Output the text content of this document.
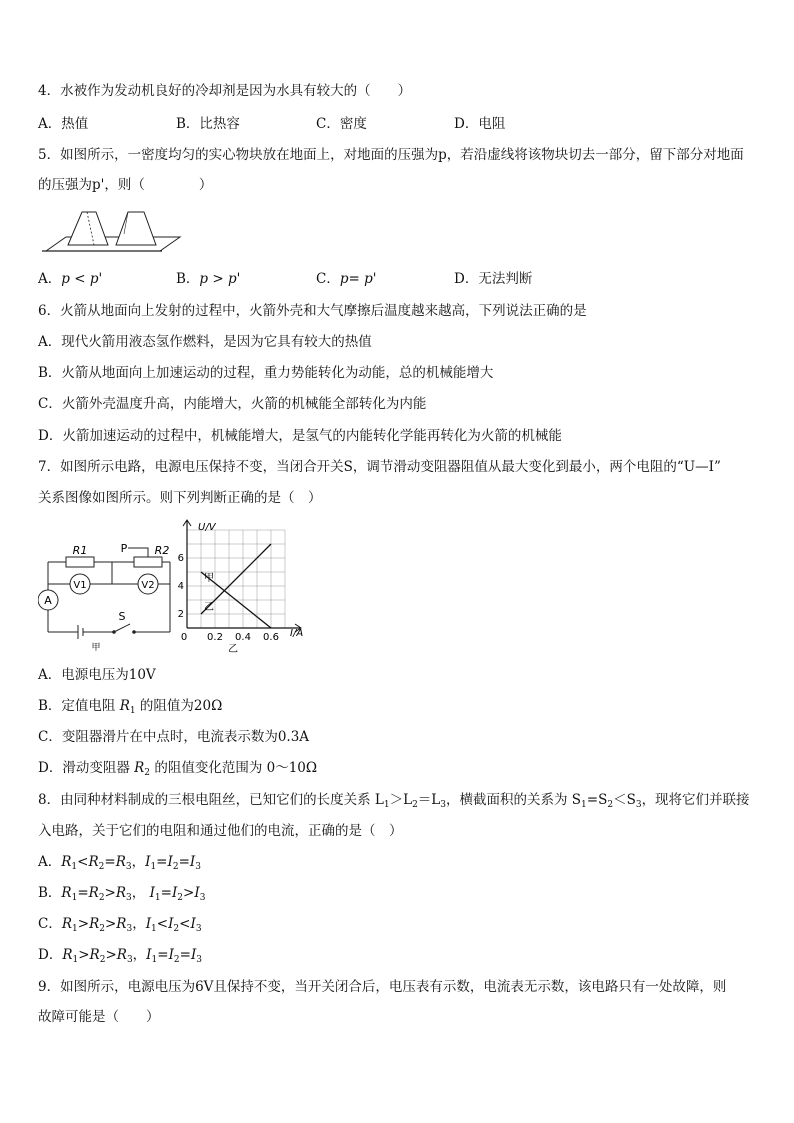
4．水被作为发动机良好的冷却剂是因为水具有较大的（　　）
A．热值	B．比热容	C．密度	D．电阻
5．如图所示，一密度均匀的实心物块放在地面上，对地面的压强为p，若沿虚线将该物块切去一部分，留下部分对地面
的压强为p'，则（　　　　）
A．p < p'	B．p > p'	C．p= p'	D．无法判断
6．火箭从地面向上发射的过程中，火箭外壳和大气摩擦后温度越来越高，下列说法正确的是
A．现代火箭用液态氢作燃料，是因为它具有较大的热值
B．火箭从地面向上加速运动的过程，重力势能转化为动能，总的机械能增大
C．火箭外壳温度升高，内能增大，火箭的机械能全部转化为内能
D．火箭加速运动的过程中，机械能增大，是氢气的内能转化学能再转化为火箭的机械能
7．如图所示电路，电源电压保持不变，当闭合开关S，调节滑动变阻器阻值从最大变化到最小，两个电阻的“U—I”
关系图像如图所示。则下列判断正确的是（　）
R1	P R2
V1	V2
A
S
甲
U/V
I/A
2
4
6
0 0.2 0.4 0.6
甲
乙
乙
A．电源电压为10V
B．定值电阻 $R_1$ 的阻值为20Ω
C．变阻器滑片在中点时，电流表示数为0.3A
D．滑动变阻器 $R_2$ 的阻值变化范围为 0～10Ω
8．由同种材料制成的三根电阻丝，已知它们的长度关系 $L_1>L_2=L_3$，横截面积的关系为 $S_1=S_2<S_3$，现将它们并联接
入电路，关于它们的电阻和通过他们的电流，正确的是（　）
A．$R_1<R_2=R_3$，$I_1=I_2=I_3$
B．$R_1=R_2>R_3$， $I_1=I_2>I_3$
C．$R_1>R_2>R_3$，$I_1<I_2<I_3$
D．$R_1>R_2>R_3$，$I_1=I_2=I_3$
9．如图所示，电源电压为6V且保持不变，当开关闭合后，电压表有示数，电流表无示数，该电路只有一处故障，则
故障可能是（　　）
